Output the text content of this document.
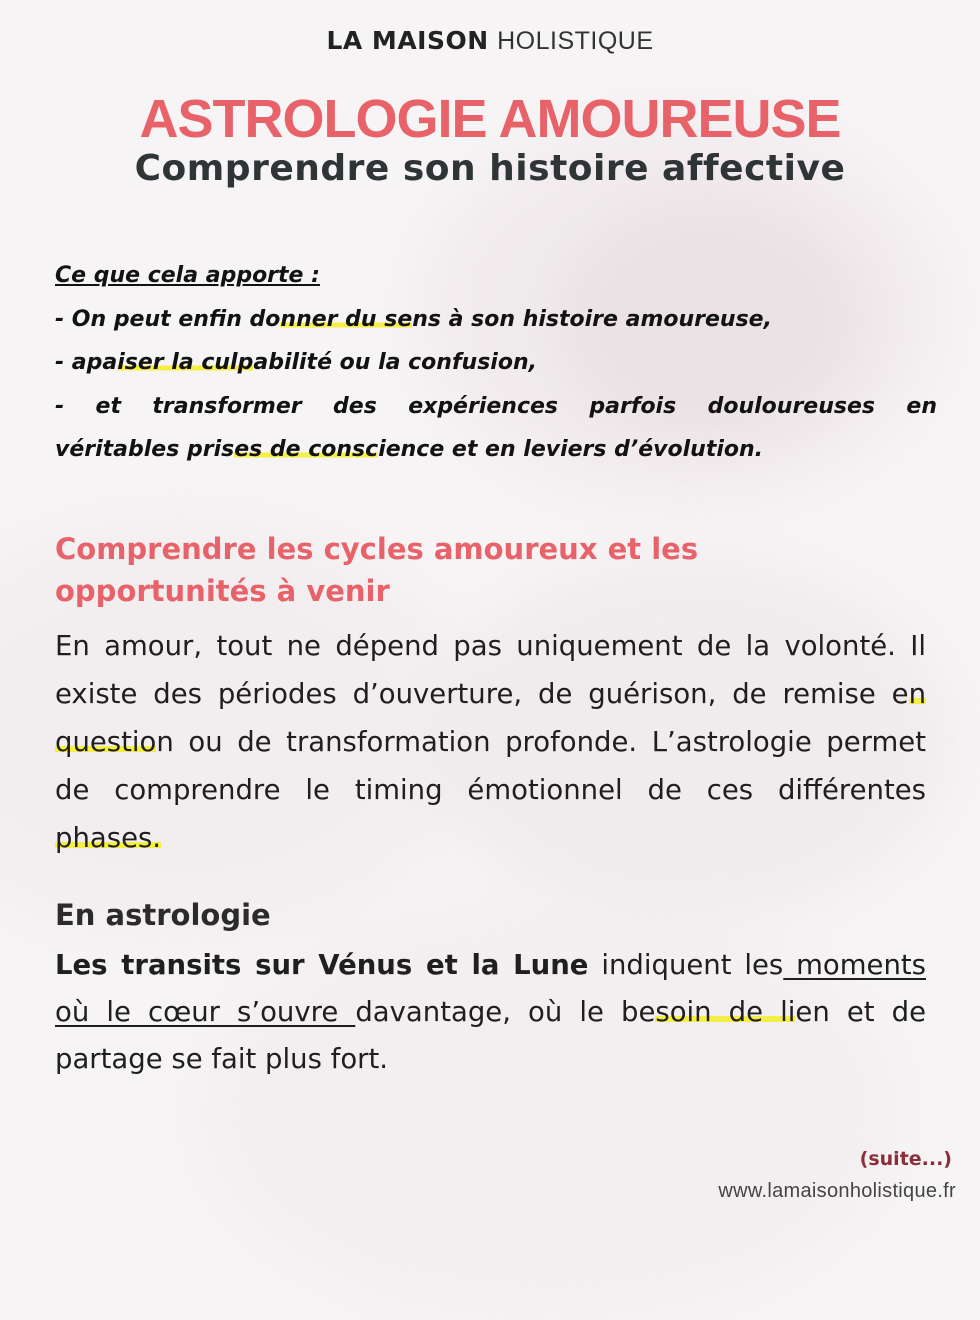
LA MAISON HOLISTIQUE
ASTROLOGIE AMOUREUSE
Comprendre son histoire affective
Ce que cela apporte :
- On peut enfin donner du sens à son histoire amoureuse,
- apaiser la culpabilité ou la confusion,
- et transformer des expériences parfois douloureuses en
véritables prises de conscience et en leviers d’évolution.
Comprendre les cycles amoureux et les opportunités à venir
En amour, tout ne dépend pas uniquement de la volonté. Il existe des périodes d’ouverture, de guérison, de remise en question ou de transformation profonde. L’astrologie permet de comprendre le timing émotionnel de ces différentes phases.
En astrologie
Les transits sur Vénus et la Lune indiquent les moments où le cœur s’ouvre davantage, où le besoin de lien et de partage se fait plus fort.
(suite...)
www.lamaisonholistique.fr
